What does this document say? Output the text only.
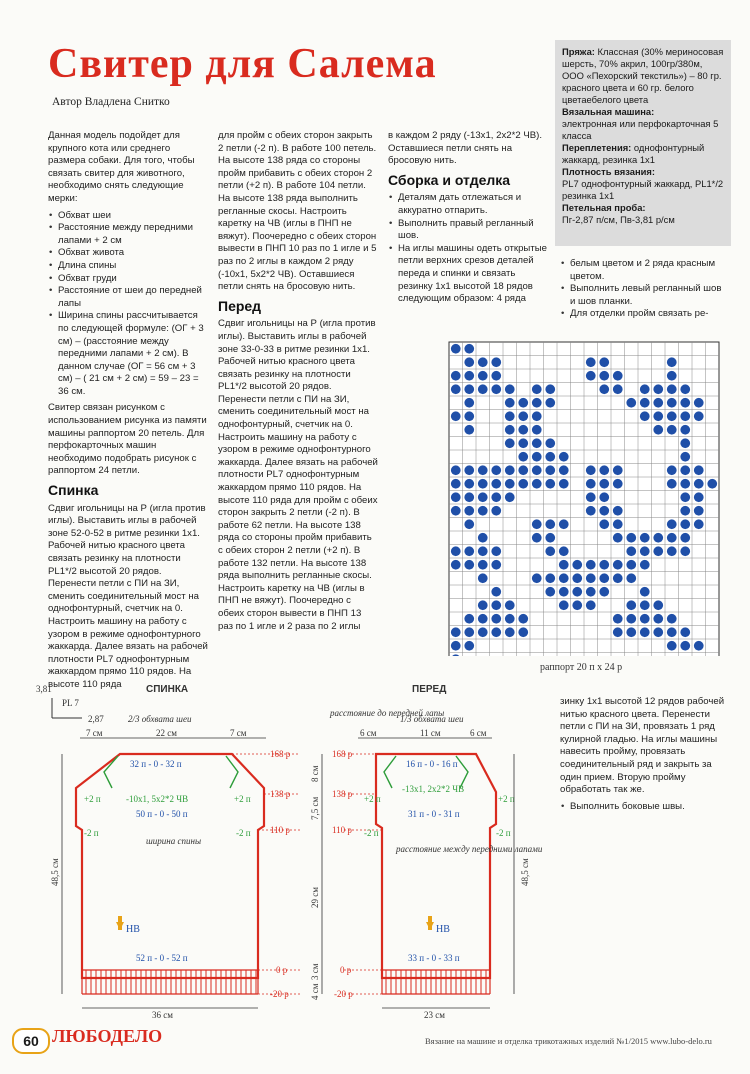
Свитер для Салема
Автор Владлена Снитко

Данная модель подойдет для крупного кота или среднего размера собаки. Для того, чтобы связать свитер для животного, необходимо снять следующие мерки:

• Обхват шеи
• Расстояние между передними лапами + 2 см
• Обхват живота
• Длина спины
• Обхват груди
• Расстояние от шеи до передней лапы
• Ширина спины рассчитывается по следующей формуле: (ОГ + 3 см) – (расстояние между передними лапами + 2 см). В данном случае (ОГ = 56 см + 3 см) – ( 21 см + 2 см) = 59 – 23 = 36 см.

Свитер связан рисунком с использованием рисунка из памяти машины раппортом 20 петель. Для перфокарточных машин необходимо подобрать рисунок с раппортом 24 петли.

Спинка

Сдвиг игольницы на Р (игла против иглы). Выставить иглы в рабочей зоне 52-0-52 в ритме резинки 1х1. Рабочей нитью красного цвета связать резинку на плотности PL1*/2 высотой 20 рядов. Перенести петли с ПИ на ЗИ, сменить соединительный мост на однофонтурный, счетчик на 0. Настроить машину на работу с узором в режиме однофонтурного жаккарда. Далее вязать на рабочей плотности PL7 однофонтурным жаккардом прямо 110 рядов. На высоте 110 ряда

для пройм с обеих сторон закрыть 2 петли (-2 п). В работе 100 петель. На высоте 138 ряда со стороны пройм прибавить с обеих сторон 2 петли (+2 п). В работе 104 петли. На высоте 138 ряда выполнить регланные скосы. Настроить каретку на ЧВ (иглы в ПНП не вяжут). Поочередно с обеих сторон вывести в ПНП 10 раз по 1 игле и 5 раз по 2 иглы в каждом 2 ряду (-10х1, 5х2*2 ЧВ). Оставшиеся петли снять на бросовую нить.

Перед

Сдвиг игольницы на Р (игла против иглы). Выставить иглы в рабочей зоне 33-0-33 в ритме резинки 1х1. Рабочей нитью красного цвета связать резинку на плотности PL1*/2 высотой 20 рядов. Перенести петли с ПИ на ЗИ, сменить соединительный мост на однофонтурный, счетчик на 0. Настроить машину на работу с узором в режиме однофонтурного жаккарда. Далее вязать на рабочей плотности PL7 однофонтурным жаккардом прямо 110 рядов. На высоте 110 ряда для пройм с обеих сторон закрыть 2 петли (-2 п). В работе 62 петли. На высоте 138 ряда со стороны пройм прибавить с обеих сторон 2 петли (+2 п). В работе 132 петли. На высоте 138 ряда выполнить регланные скосы. Настроить каретку на ЧВ (иглы в ПНП не вяжут). Поочередно с обеих сторон вывести в ПНП 13 раз по 1 игле и 2 раза по 2 иглы

в каждом 2 ряду (-13х1, 2х2*2 ЧВ). Оставшиеся петли снять на бросовую нить.

Сборка и отделка
• Деталям дать отлежаться и аккуратно отпарить.
• Выполнить правый регланный шов.
• На иглы машины одеть открытые петли верхних срезов деталей переда и спинки и связать резинку 1х1 высотой 18 рядов следующим образом: 4 ряда
• белым цветом и 2 ряда красным цветом.
• Выполнить левый регланный шов и шов планки.
• Для отделки пройм связать ре-
Пряжа: Классная (30% мериносовая шерсть, 70% акрил, 100гр/380м, ООО «Пехорский текстиль») – 80 гр. красного цвета и 60 гр. белого цветаебелого цвета
Вязальная машина:
электронная или перфокарточная 5 класса
Переплетения: однофонтурный жаккард, резинка 1х1
Плотность вязания:
PL7 однофонтурный жаккард, PL1*/2 резинка 1х1
Петельная проба:
Пг-2,87 п/см, Пв-3,81 р/см
раппорт 20 п x 24 р

зинку 1х1 высотой 12 рядов рабочей нитью красного цвета. Перенести петли с ПИ на ЗИ, провязать 1 ряд кулирной гладью. На иглы машины навесить пройму, провязать соединительный ряд и закрыть за один прием. Вторую пройму обработать так же.

• Выполнить боковые швы.
3,81
PL 7
2,87
СПИНКА	ПЕРЕД
2/3 обхвата шеи	1/3 обхвата шеи
7 см	22 см	7 см	6 см	11 см	6 см
168 р
138 р
110 р
0 р
-20 р
168 р
138 р
110 р
0 р
-20 р
32 п - 0 - 32 п
50 п - 0 - 50 п
52 п - 0 - 52 п
16 п - 0 - 16 п
31 п - 0 - 31 п
33 п - 0 - 33 п
-10х1, 5х2*2 ЧВ
-13х1, 2х2*2 ЧВ
+2 п	+2 п
-2 п	-2 п
+2 п	+2 п
-2 п	-2 п
ширина спины
расстояние между передними лапами
расстояние до передней лапы
НВ	НВ
36 см	23 см
48,5 см	48,5 см
8 см
7,5 см
29 см
3 см
4 см
60 ЛЮБОДЕЛО	Вязание на машине и отделка трикотажных изделий №1/2015 www.lubo-delo.ru
